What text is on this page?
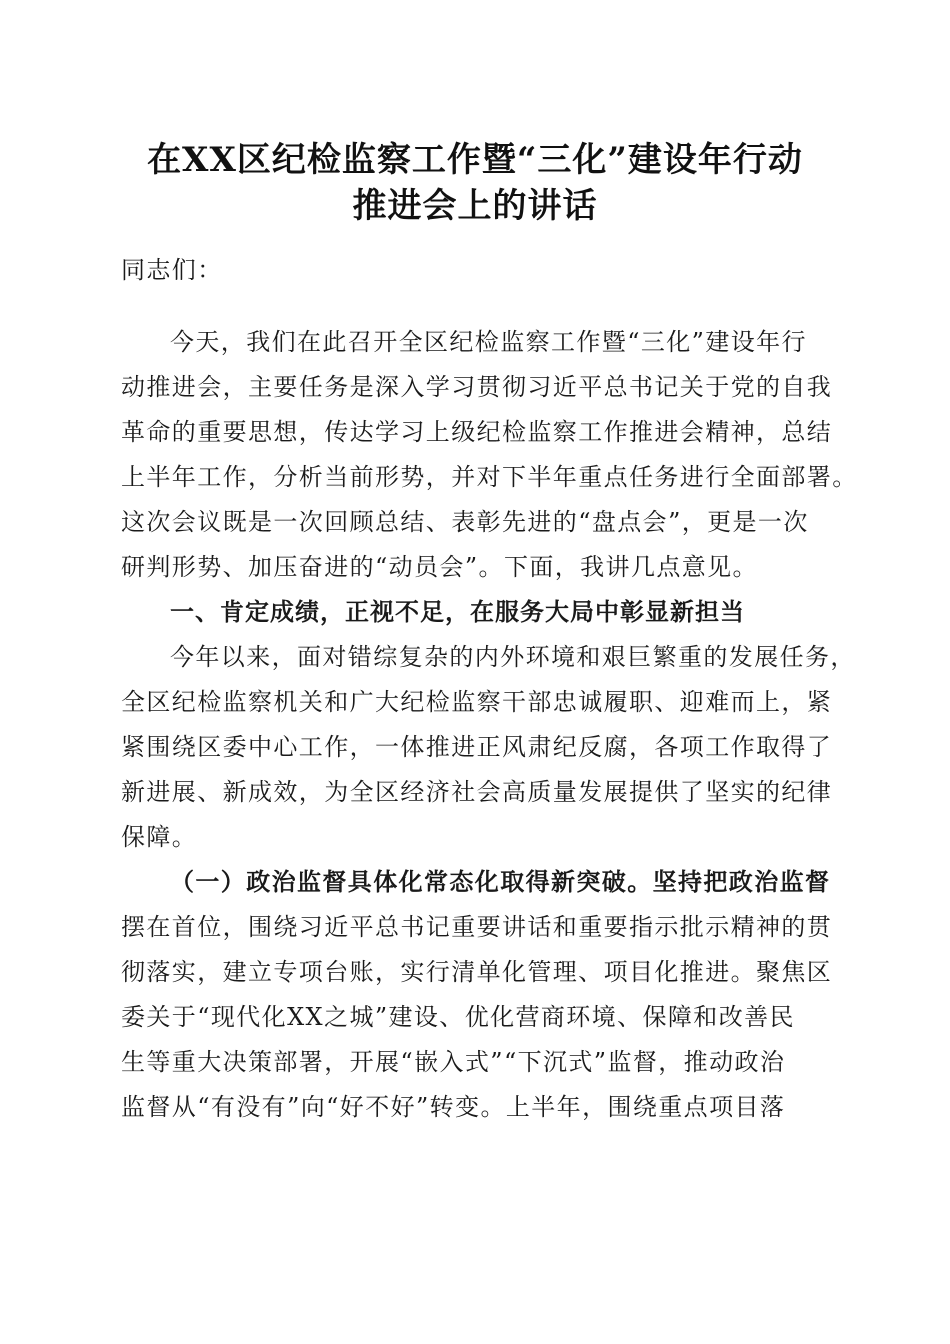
在XX区纪检监察工作暨“三化”建设年行动
推进会上的讲话
同志们：
今天，我们在此召开全区纪检监察工作暨“三化”建设年行
动推进会，主要任务是深入学习贯彻习近平总书记关于党的自我
革命的重要思想，传达学习上级纪检监察工作推进会精神，总结
上半年工作，分析当前形势，并对下半年重点任务进行全面部署。
这次会议既是一次回顾总结、表彰先进的“盘点会”，更是一次
研判形势、加压奋进的“动员会”。下面，我讲几点意见。
一、肯定成绩，正视不足，在服务大局中彰显新担当
今年以来，面对错综复杂的内外环境和艰巨繁重的发展任务，
全区纪检监察机关和广大纪检监察干部忠诚履职、迎难而上，紧
紧围绕区委中心工作，一体推进正风肃纪反腐，各项工作取得了
新进展、新成效，为全区经济社会高质量发展提供了坚实的纪律
保障。
（一）政治监督具体化常态化取得新突破。坚持把政治监督
摆在首位，围绕习近平总书记重要讲话和重要指示批示精神的贯
彻落实，建立专项台账，实行清单化管理、项目化推进。聚焦区
委关于“现代化XX之城”建设、优化营商环境、保障和改善民
生等重大决策部署，开展“嵌入式”“下沉式”监督，推动政治
监督从“有没有”向“好不好”转变。上半年，围绕重点项目落
